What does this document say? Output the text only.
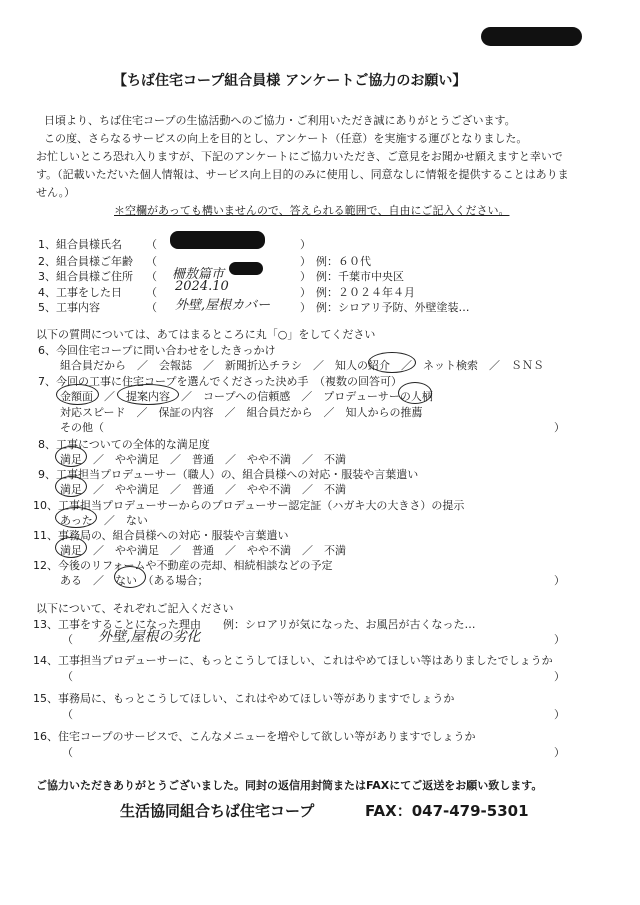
【ちば住宅コープ組合員様 アンケートご協力のお願い】
日頃より、ちば住宅コープの生協活動へのご協力・ご利用いただき誠にありがとうございます。
この度、さらなるサービスの向上を目的とし、アンケート（任意）を実施する運びとなりました。
お忙しいところ恐れ入りますが、下記のアンケートにご協力いただき、ご意見をお聞かせ願えますと幸いで
す。（記載いただいた個人情報は、サービス向上目的のみに使用し、同意なしに情報を提供することはありま
せん。）
＊空欄があっても構いませんので、答えられる範囲で、自由にご記入ください。
1、組合員様氏名 （	）
2、組合員様ご年齢 （	） 例：６０代
3、組合員様ご住所 （ 柵敖篇市	） 例：千葉市中央区
4、工事をした日 （ 2024.10	） 例：２０２４年４月
5、工事内容	（ 外壁,屋根カバー	） 例：シロアリ予防、外壁塗装…
以下の質問については、あてはまるところに丸「○」をしてください
6、今回住宅コープに問い合わせをしたきっかけ
組合員だから　／　会報誌　／　新聞折込チラシ　／　知人の紹介　／　ネット検索　／　ＳＮＳ
7、今回の工事に住宅コープを選んでくださった決め手　（複数の回答可）
金額面　／　提案内容　／　コープへの信頼感　／　プロデューサーの人柄
対応スピード　／　保証の内容　／　組合員だから　／　知人からの推薦
その他（	）
8、工事についての全体的な満足度
満足　／　やや満足　／　普通　／　やや不満　／　不満
9、工事担当プロデューサー（職人）の、組合員様への対応・服装や言葉遣い
満足　／　やや満足　／　普通　／　やや不満　／　不満
10、工事担当プロデューサーからのプロデューサー認定証（ハガキ大の大きさ）の提示
あった　／　ない
11、事務局の、組合員様への対応・服装や言葉遣い
満足　／　やや満足　／　普通　／　やや不満　／　不満
12、今後のリフォームや不動産の売却、相続相談などの予定
ある　／　ない　（ある場合；	）
以下について、それぞれご記入ください
13、工事をすることになった理由　　例：シロアリが気になった、お風呂が古くなった…
（ 外壁,屋根の劣化	）
14、工事担当プロデューサーに、もっとこうしてほしい、これはやめてほしい等はありましたでしょうか
（	）
15、事務局に、もっとこうしてほしい、これはやめてほしい等がありますでしょうか
（	）
16、住宅コープのサービスで、こんなメニューを増やして欲しい等がありますでしょうか
（	）
ご協力いただきありがとうございました。同封の返信用封筒またはFAXにてご返送をお願い致します。
生活協同組合ちば住宅コープ	FAX：047-479-5301
